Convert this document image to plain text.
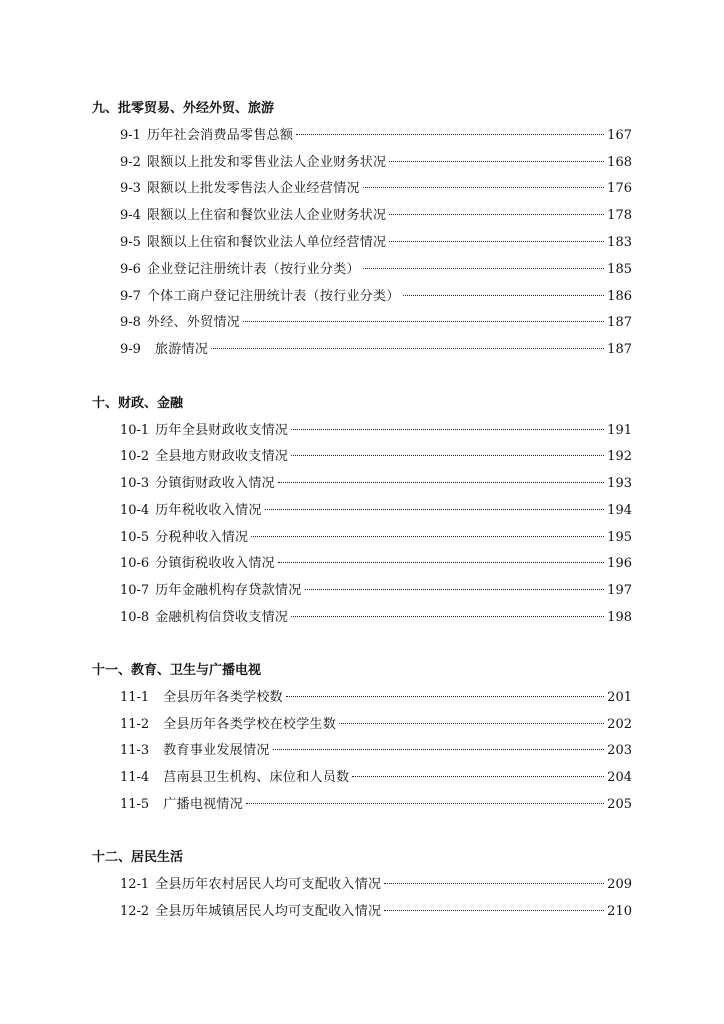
九、批零贸易、外经外贸、旅游
9-1 历年社会消费品零售总额	167
9-2 限额以上批发和零售业法人企业财务状况	168
9-3 限额以上批发零售法人企业经营情况	176
9-4 限额以上住宿和餐饮业法人企业财务状况	178
9-5 限额以上住宿和餐饮业法人单位经营情况	183
9-6 企业登记注册统计表（按行业分类）	185
9-7 个体工商户登记注册统计表（按行业分类）	186
9-8 外经、外贸情况	187
9-9 旅游情况	187
十、财政、金融
10-1 历年全县财政收支情况	191
10-2 全县地方财政收支情况	192
10-3 分镇街财政收入情况	193
10-4 历年税收收入情况	194
10-5 分税种收入情况	195
10-6 分镇街税收收入情况	196
10-7 历年金融机构存贷款情况	197
10-8 金融机构信贷收支情况	198
十一、教育、卫生与广播电视
11-1 全县历年各类学校数	201
11-2 全县历年各类学校在校学生数	202
11-3 教育事业发展情况	203
11-4 莒南县卫生机构、床位和人员数	204
11-5 广播电视情况	205
十二、居民生活
12-1 全县历年农村居民人均可支配收入情况	209
12-2 全县历年城镇居民人均可支配收入情况	210
